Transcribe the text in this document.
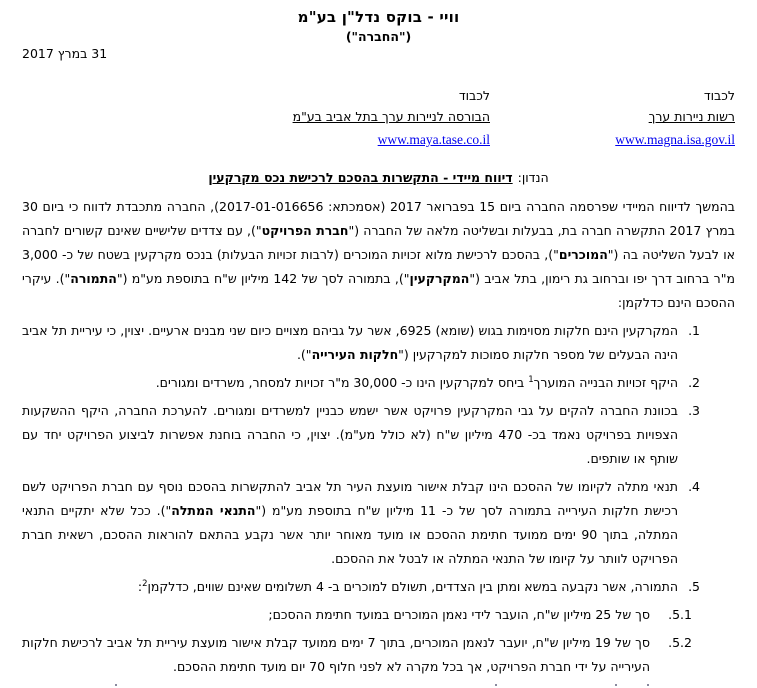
וויי - בוקס נדל"ן בע"מ
("החברה")
31 במרץ 2017
לכבוד
רשות ניירות ערך
www.magna.isa.gov.il
לכבוד
הבורסה לניירות ערך בתל אביב בע"מ
www.maya.tase.co.il
הנדון:דיווח מיידי - התקשרות בהסכם לרכישת נכס מקרקעין
בהמשך לדיווח המיידי שפרסמה החברה ביום 15 בפברואר 2017 (אסמכתא: 2017-01-016656), החברה מתכבדת לדווח כי ביום 30 במרץ 2017 התקשרה חברה בת, בבעלות ובשליטה מלאה של החברה ("חברת הפרויקט"), עם צדדים שלישיים שאינם קשורים לחברה או לבעל השליטה בה ("המוכרים"), בהסכם לרכישת מלוא זכויות המוכרים (לרבות זכויות הבעלות) בנכס מקרקעין בשטח של כ- 3,000 מ"ר ברחוב דרך יפו וברחוב גת רימון, בתל אביב ("המקרקעין"), בתמורה לסך של 142 מיליון ש"ח בתוספת מע"מ ("התמורה"). עיקרי ההסכם הינם כדלקמן:
1.
המקרקעין הינם חלקות מסוימות בגוש (שומא) 6925, אשר על גביהם מצויים כיום שני מבנים ארעיים. יצוין, כי עיריית תל אביב הינה הבעלים של מספר חלקות סמוכות למקרקעין ("חלקות העירייה").
2.
היקף זכויות הבנייה המוערך$^1$ ביחס למקרקעין הינו כ- 30,000 מ"ר זכויות למסחר, משרדים ומגורים.
3.
בכוונת החברה להקים על גבי המקרקעין פרויקט אשר ישמש כבניין למשרדים ומגורים. להערכת החברה, היקף ההשקעות הצפויות בפרויקט נאמד בכ- 470 מיליון ש"ח (לא כולל מע"מ). יצוין, כי החברה בוחנת אפשרות לביצוע הפרויקט יחד עם שותף או שותפים.
4.
תנאי מתלה לקיומו של ההסכם הינו קבלת אישור מועצת העיר תל אביב להתקשרות בהסכם נוסף עם חברת הפרויקט לשם רכישת חלקות העירייה בתמורה לסך של כ- 11 מיליון ש"ח בתוספת מע"מ ("התנאי המתלה"). ככל שלא יתקיים התנאי המתלה, בתוך 90 ימים ממועד חתימת ההסכם או מועד מאוחר יותר אשר נקבע בהתאם להוראות ההסכם, רשאית חברת הפרויקט לוותר על קיומו של התנאי המתלה או לבטל את ההסכם.
5.
התמורה, אשר נקבעה במשא ומתן בין הצדדים, תשולם למוכרים ב- 4 תשלומים שאינם שווים, כדלקמן$^2$:
5.1.
סך של 25 מיליון ש"ח, הועבר לידי נאמן המוכרים במועד חתימת ההסכם;
5.2.
סך של 19 מיליון ש"ח, יועבר לנאמן המוכרים, בתוך 7 ימים ממועד קבלת אישור מועצת עיריית תל אביב לרכישת חלקות העירייה על ידי חברת הפרויקט, אך בכל מקרה לא לפני חלוף 70 יום מועד חתימת ההסכם.
